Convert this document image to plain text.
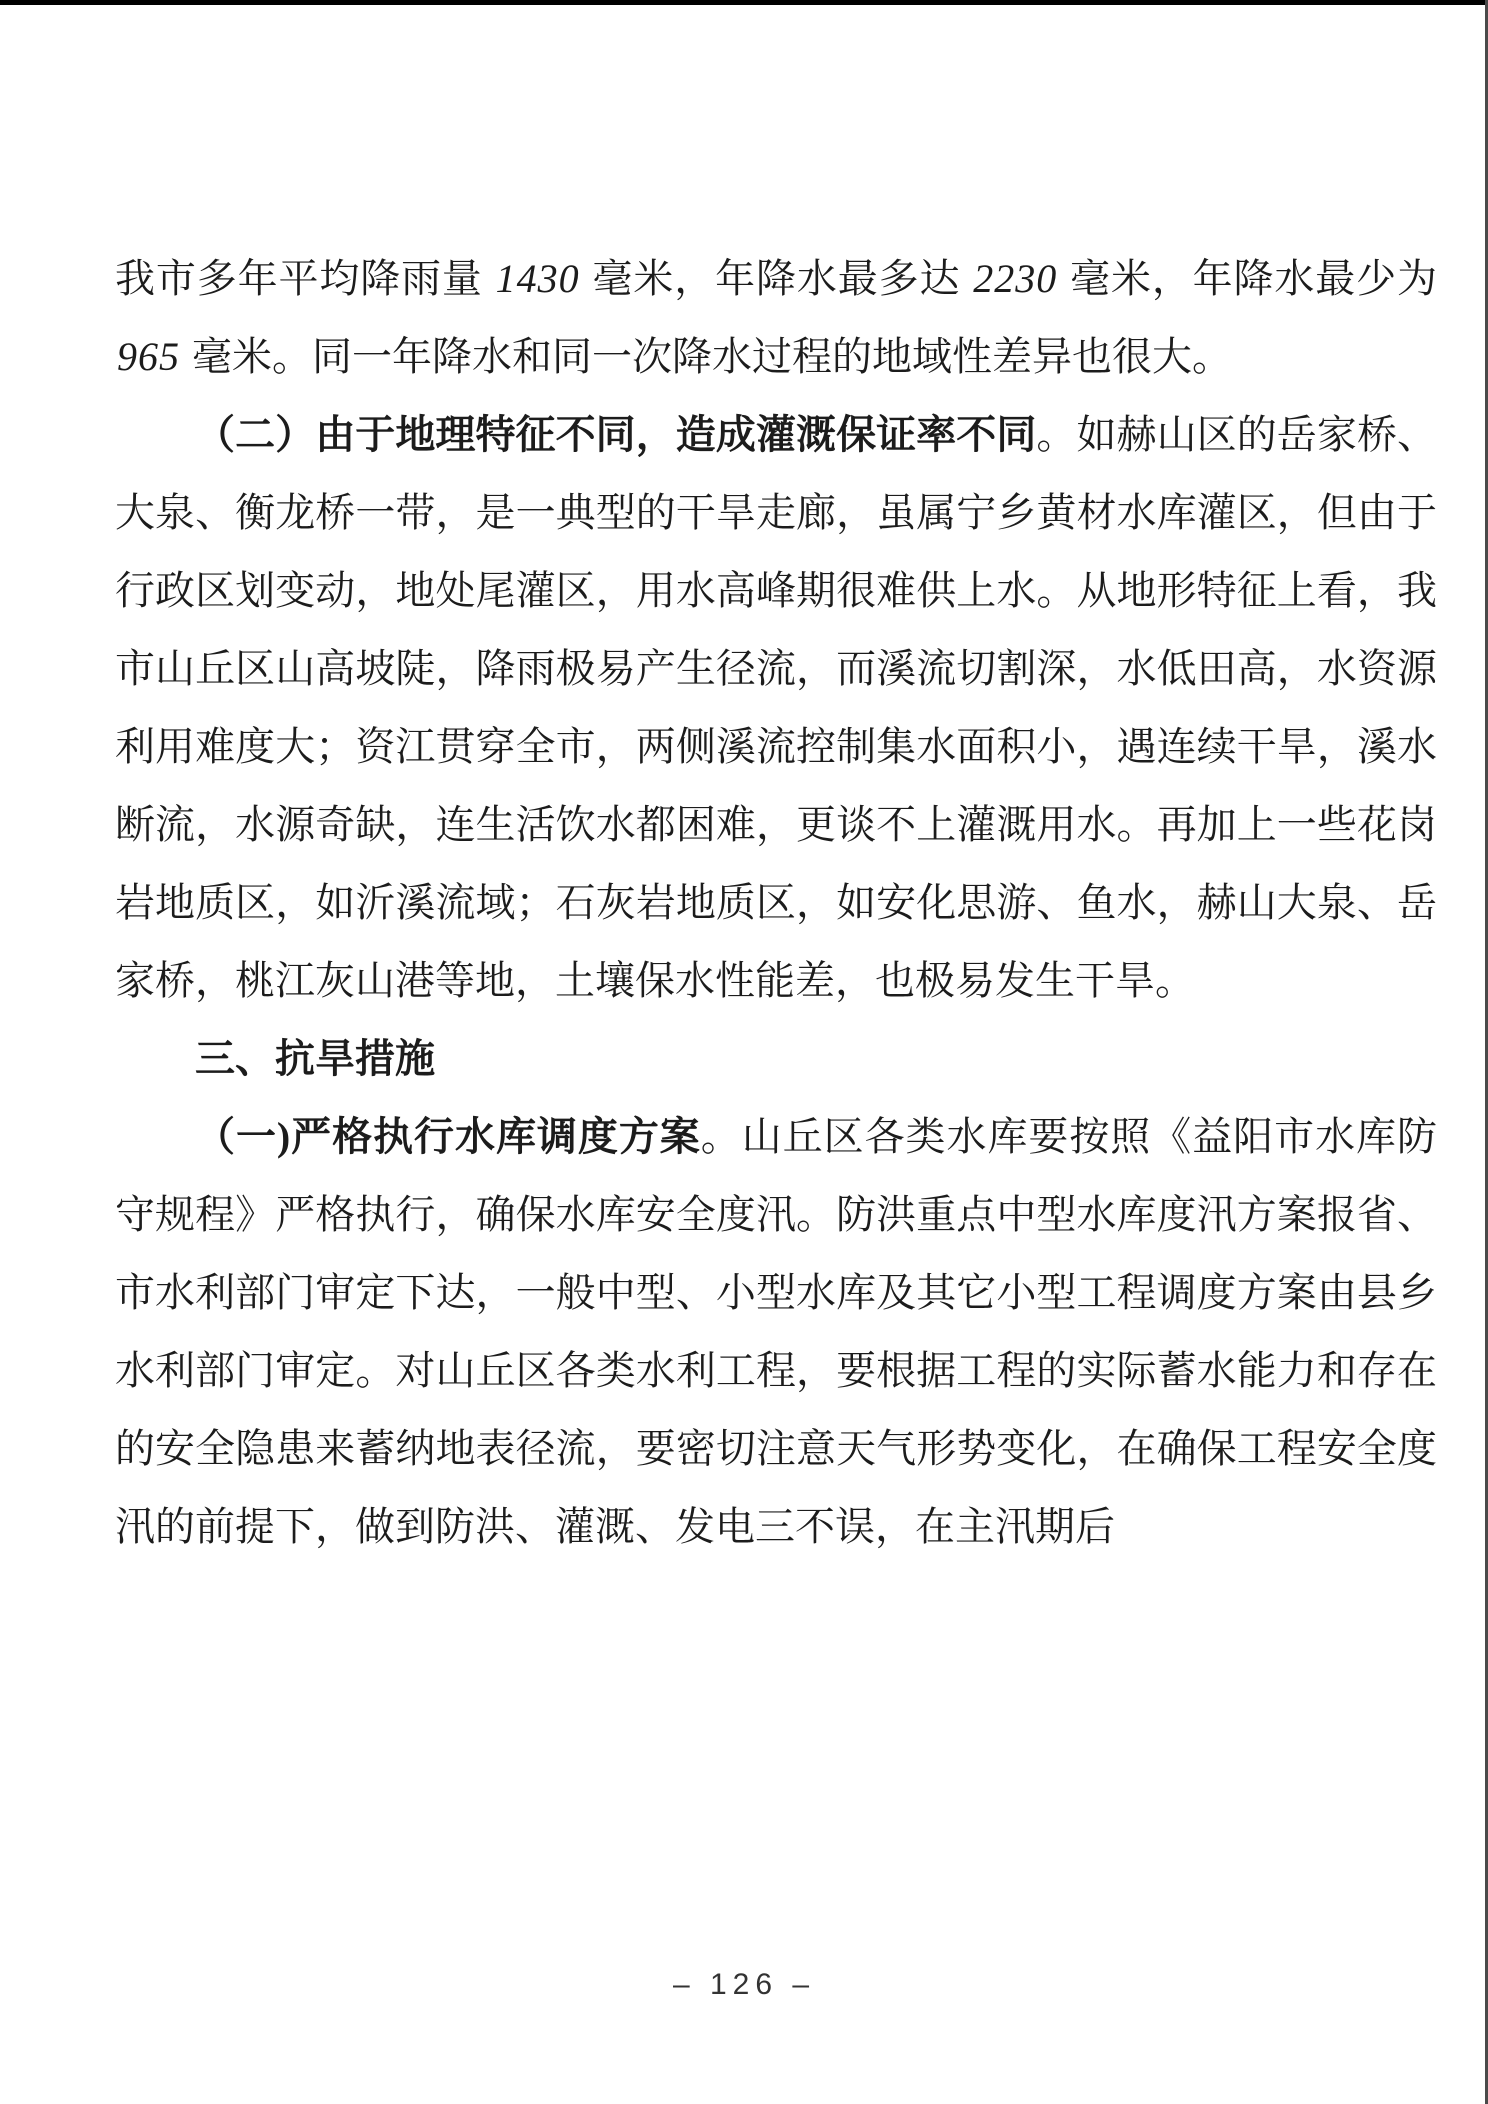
我市多年平均降雨量 1430 毫米，年降水最多达 2230 毫米，年降水最少为 965 毫米。同一年降水和同一次降水过程的地域性差异也很大。

（二）由于地理特征不同，造成灌溉保证率不同。如赫山区的岳家桥、大泉、衡龙桥一带，是一典型的干旱走廊，虽属宁乡黄材水库灌区，但由于行政区划变动，地处尾灌区，用水高峰期很难供上水。从地形特征上看，我市山丘区山高坡陡，降雨极易产生径流，而溪流切割深，水低田高，水资源利用难度大；资江贯穿全市，两侧溪流控制集水面积小，遇连续干旱，溪水断流，水源奇缺，连生活饮水都困难，更谈不上灌溉用水。再加上一些花岗岩地质区，如沂溪流域；石灰岩地质区，如安化思游、鱼水，赫山大泉、岳家桥，桃江灰山港等地，土壤保水性能差，也极易发生干旱。

三、抗旱措施

（一)严格执行水库调度方案。山丘区各类水库要按照《益阳市水库防守规程》严格执行，确保水库安全度汛。防洪重点中型水库度汛方案报省、市水利部门审定下达，一般中型、小型水库及其它小型工程调度方案由县乡水利部门审定。对山丘区各类水利工程，要根据工程的实际蓄水能力和存在的安全隐患来蓄纳地表径流，要密切注意天气形势变化，在确保工程安全度汛的前提下，做到防洪、灌溉、发电三不误，在主汛期后

– 126 –
